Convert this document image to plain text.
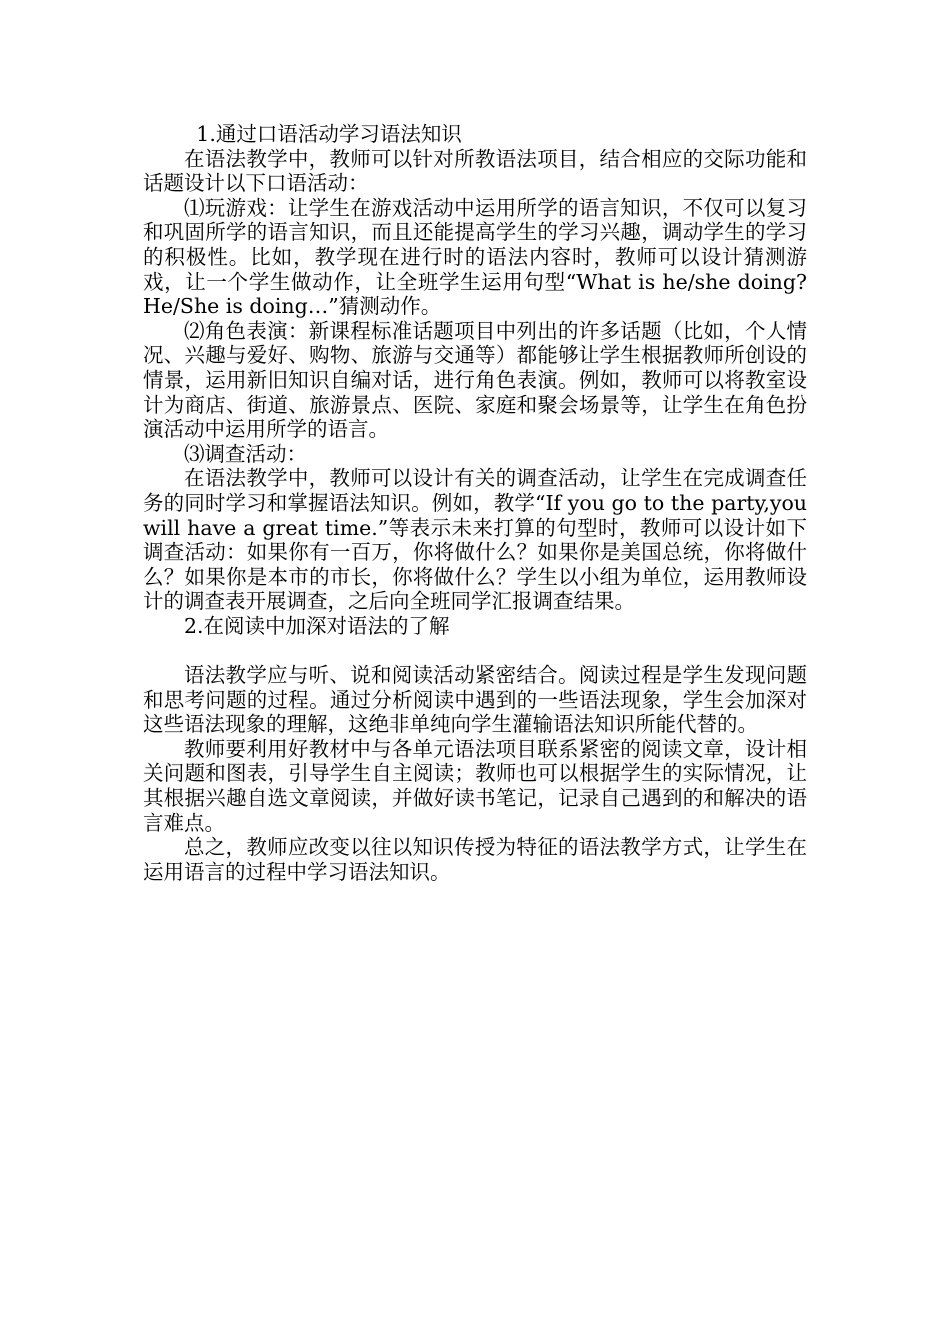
1.通过口语活动学习语法知识

在语法教学中，教师可以针对所教语法项目，结合相应的交际功能和话题设计以下口语活动：

⑴玩游戏：让学生在游戏活动中运用所学的语言知识，不仅可以复习和巩固所学的语言知识，而且还能提高学生的学习兴趣，调动学生的学习的积极性。比如，教学现在进行时的语法内容时，教师可以设计猜测游戏，让一个学生做动作，让全班学生运用句型“What is he/she doing? He/She is doing…”猜测动作。

⑵角色表演：新课程标准话题项目中列出的许多话题（比如，个人情况、兴趣与爱好、购物、旅游与交通等）都能够让学生根据教师所创设的情景，运用新旧知识自编对话，进行角色表演。例如，教师可以将教室设计为商店、街道、旅游景点、医院、家庭和聚会场景等，让学生在角色扮演活动中运用所学的语言。

⑶调查活动：

在语法教学中，教师可以设计有关的调查活动，让学生在完成调查任务的同时学习和掌握语法知识。例如，教学“If you go to the party,you will have a great time.”等表示未来打算的句型时，教师可以设计如下调查活动：如果你有一百万，你将做什么？如果你是美国总统，你将做什么？如果你是本市的市长，你将做什么？学生以小组为单位，运用教师设计的调查表开展调查，之后向全班同学汇报调查结果。

2.在阅读中加深对语法的了解

语法教学应与听、说和阅读活动紧密结合。阅读过程是学生发现问题和思考问题的过程。通过分析阅读中遇到的一些语法现象，学生会加深对这些语法现象的理解，这绝非单纯向学生灌输语法知识所能代替的。

教师要利用好教材中与各单元语法项目联系紧密的阅读文章，设计相关问题和图表，引导学生自主阅读；教师也可以根据学生的实际情况，让其根据兴趣自选文章阅读，并做好读书笔记，记录自己遇到的和解决的语言难点。

总之，教师应改变以往以知识传授为特征的语法教学方式，让学生在运用语言的过程中学习语法知识。
